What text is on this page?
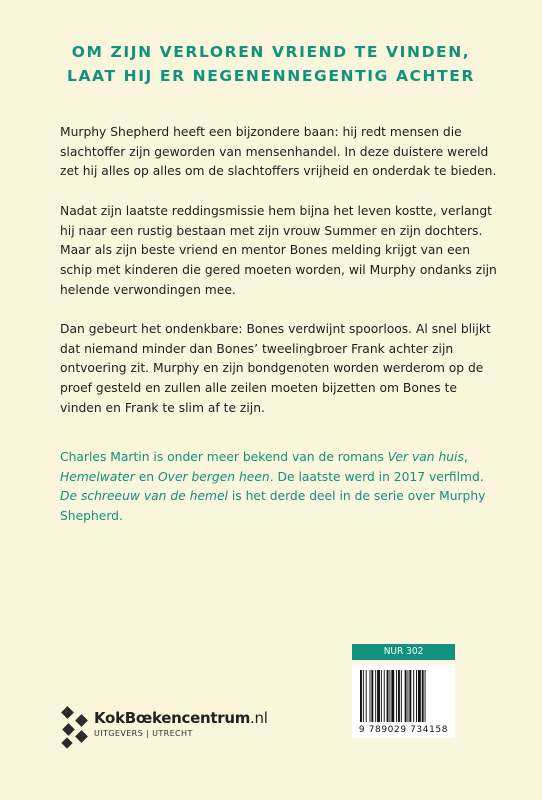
OM ZIJN VERLOREN VRIEND TE VINDEN,
LAAT HIJ ER NEGENENNEGENTIG ACHTER

Murphy Shepherd heeft een bijzondere baan: hij redt mensen die slachtoffer zijn geworden van mensenhandel. In deze duistere wereld zet hij alles op alles om de slachtoffers vrijheid en onderdak te bieden.

Nadat zijn laatste reddingsmissie hem bijna het leven kostte, verlangt hij naar een rustig bestaan met zijn vrouw Summer en zijn dochters. Maar als zijn beste vriend en mentor Bones melding krijgt van een schip met kinderen die gered moeten worden, wil Murphy ondanks zijn helende verwondingen mee.

Dan gebeurt het ondenkbare: Bones verdwijnt spoorloos. Al snel blijkt dat niemand minder dan Bones’ tweelingbroer Frank achter zijn ontvoering zit. Murphy en zijn bondgenoten worden werderom op de proef gesteld en zullen alle zeilen moeten bijzetten om Bones te vinden en Frank te slim af te zijn.

Charles Martin is onder meer bekend van de romans Ver van huis, Hemelwater en Over bergen heen. De laatste werd in 2017 verfilmd. De schreeuw van de hemel is het derde deel in de serie over Murphy Shepherd.
KokBœkencentrum.nl
UITGEVERS | UTRECHT
NUR 302
9 789029 734158
